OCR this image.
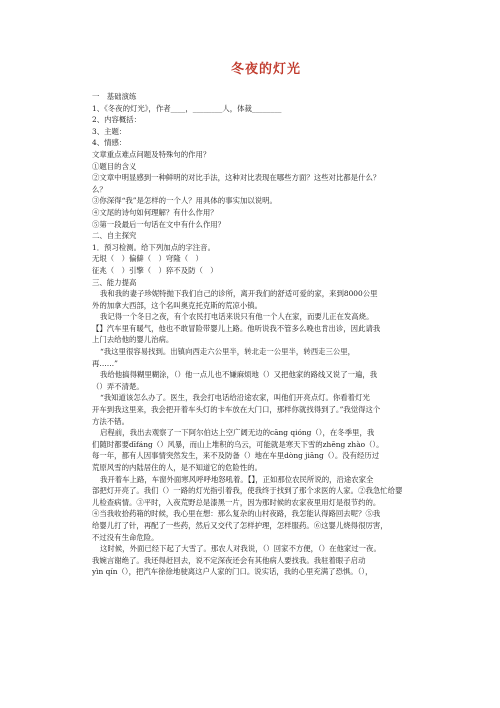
冬夜的灯光
一　基础演练
1、《冬夜的灯光》，作者____，________人，体裁________
2、内容概括：
3、主题：
4、情感：
文章重点难点问题及特殊句的作用？
①题目的含义
②文章中明显感到一种鲜明的对比手法，这种对比表现在哪些方面？这些对比都是什么？
么？
③你深得“我”是怎样的一个人？用具体的事实加以说明。
④文尾的诗句如何理解？有什么作用？
⑤第一段最后一句话在文中有什么作用？
二、自主探究
1．预习检测。给下列加点的字注音。
无垠（　）偏僻（　）穹隆（　）
征兆（　）引擎（　）猝不及防（　）
三、能力提高
我和我的妻子珍妮特抛下我们自己的诊所，离开我们的舒适可爱的家，来到8000公里
外的加拿大西部，这个名叫奥克托克斯的荒凉小镇。
我记得一个冬日之夜，有个农民打电话来说只有他一个人在家，而要儿正在发高烧。
【】汽车里有暖气，他也不敢冒险带婴儿上路。他听说我不管多么晚也肯出诊，因此请我
上门去给他的婴儿治病。
“我这里很容易找到。出镇向西走六公里半，转北走一公里半，转西走三公里，
再……”
我给他搞得糊里糊涂，（）他一点儿也不嫌麻烦地（）又把他家的路线又说了一遍，我
（）弄不清楚。
“我知道该怎么办了。医生，我会打电话给沿途农家，叫他们开亮点灯。你看着灯光
开车到我这里来，我会把开着车头灯的卡车放在大门口，那样你就找得到了。”我觉得这个
方法不错。
启程前，我出去观察了一下阿尔伯达上空广阔无边的cāng qióng（），在冬季里，我
们随时都要dīfáng（）风暴，而山上堆积的乌云，可能就是寒天下雪的zhēng zhào（）。
每一年，都有人因事情突然发生，来不及防备（）地在车里dòng jiāng（）。没有经历过
荒原风雪的内陆居住的人，是不知道它的危险性的。
我开着车上路，车窗外面寒风呼呼地怒吼着。【】，正如那位农民所说的，沿途农家全
部把灯开亮了。我们（）一路的灯光指引着我，使我终于找到了那个求医的人家。②我急忙给婴
儿检查病情。③平时，入夜荒野总是漆黑一片，因为那时候的农家夜里用灯是很节约的。
④当我收拾药箱的时候，我心里在想：那么复杂的山村夜路，我怎能认得路回去呢？⑤我
给婴儿打了针，再配了一些药，然后又交代了怎样护理，怎样服药。⑥这婴儿烧得很厉害，
不过没有生命危险。
这时候，外面已经下起了大雪了。那农人对我说，（）回家不方便，（）在他家过一夜。
我婉言谢绝了。我还得赶回去，说不定深夜还会有其他病人要找我。我驻着眼子启动
yìn qín（），把汽车徐徐地驶离这户人家的门口。说实话，我的心里充满了恐惧。（），
